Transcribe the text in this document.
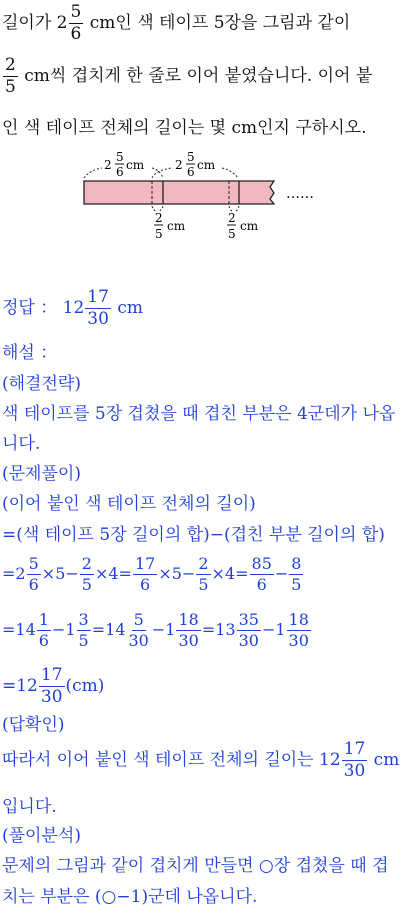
길이가 $2 \frac{5}{6}$ cm인 색 테이프 5장을 그림과 같이
$\frac{2}{5}$ cm씩 겹치게 한 줄로 이어 붙였습니다. 이어 붙
인 색 테이프 전체의 길이는 몇 cm인지 구하시오.
2
5
6 cm	2
5
6 cm
……
2
5
cm
2
5
cm
정답 ： $12 \frac{17}{30}$ cm
해설 ：
(해결전략)
색 테이프를 5장 겹쳤을 때 겹친 부분은 4군데가 나옵
니다.
(문제풀이)
(이어 붙인 색 테이프 전체의 길이)
=(색 테이프 5장 길이의 합)−(겹친 부분 길이의 합)
$=2 \frac{5}{6} \times 5- \frac{2}{5} \times 4= \frac{17}{6} \times 5- \frac{2}{5} \times 4= \frac{85}{6} - \frac{8}{5}$
$=14 \frac{1}{6} -1 \frac{3}{5} =14 \frac{5}{30} -1 \frac{18}{30} =13 \frac{35}{30} -1 \frac{18}{30}$
$=12 \frac{17}{30} (cm)$
(답확인)
따라서 이어 붙인 색 테이프 전체의 길이는 $12 \frac{17}{30}$ cm
입니다.
(풀이분석)
문제의 그림과 같이 겹치게 만들면 ○장 겹쳤을 때 겹
치는 부분은 (○−1)군데 나옵니다.
